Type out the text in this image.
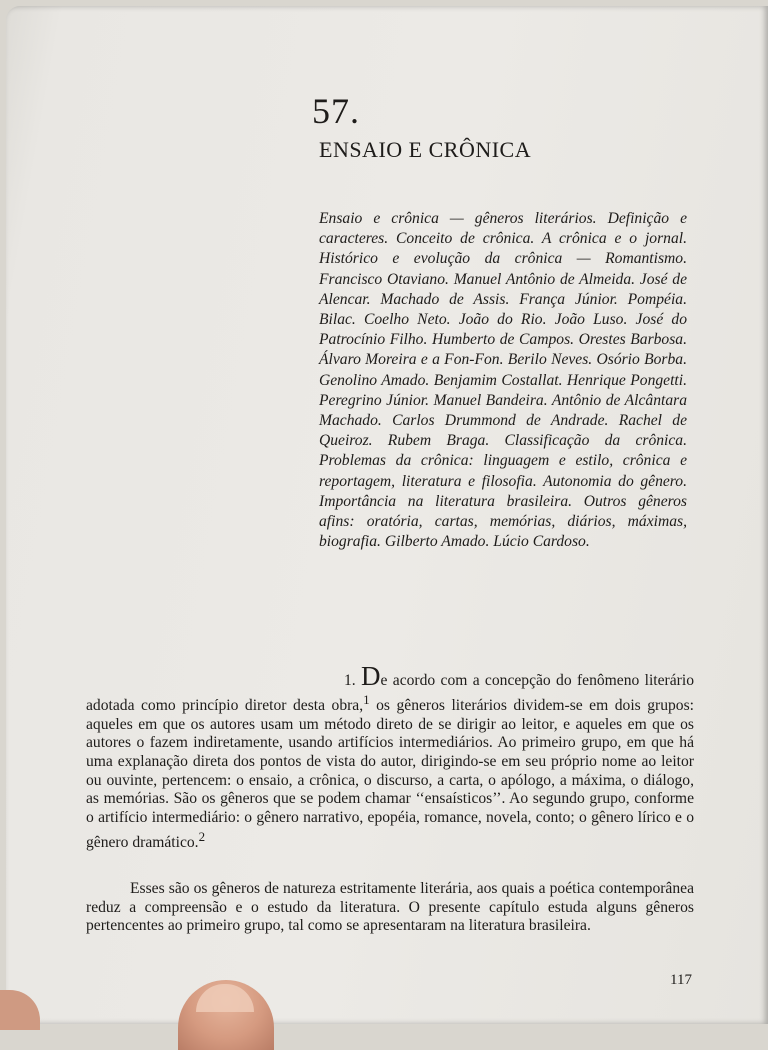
57.
ENSAIO E CRÔNICA

Ensaio e crônica — gêneros literários. Definição e caracteres. Conceito de crônica. A crônica e o jornal. Histórico e evolução da crônica — Romantismo. Francisco Otaviano. Manuel Antônio de Almeida. José de Alencar. Machado de Assis. França Júnior. Pompéia. Bilac. Coelho Neto. João do Rio. João Luso. José do Patrocínio Filho. Humberto de Campos. Orestes Barbosa. Álvaro Moreira e a Fon-Fon. Berilo Neves. Osório Borba. Genolino Amado. Benjamim Costallat. Henrique Pongetti. Peregrino Júnior. Manuel Bandeira. Antônio de Alcântara Machado. Carlos Drummond de Andrade. Rachel de Queiroz. Rubem Braga. Classificação da crônica. Problemas da crônica: linguagem e estilo, crônica e reportagem, literatura e filosofia. Autonomia do gênero. Importância na literatura brasileira. Outros gêneros afins: oratória, cartas, memórias, diários, máximas, biografia. Gilberto Amado. Lúcio Cardoso.

1. De acordo com a concepção do fenômeno literário adotada como princípio diretor desta obra,$^1$ os gêneros literários dividem-se em dois grupos: aqueles em que os autores usam um método direto de se dirigir ao leitor, e aqueles em que os autores o fazem indiretamente, usando artifícios intermediários. Ao primeiro grupo, em que há uma explanação direta dos pontos de vista do autor, dirigindo-se em seu próprio nome ao leitor ou ouvinte, pertencem: o ensaio, a crônica, o discurso, a carta, o apólogo, a máxima, o diálogo, as memórias. São os gêneros que se podem chamar ‘‘ensaísticos’’. Ao segundo grupo, conforme o artifício intermediário: o gênero narrativo, epopéia, romance, novela, conto; o gênero lírico e o gênero dramático.$^2$

Esses são os gêneros de natureza estritamente literária, aos quais a poética contemporânea reduz a compreensão e o estudo da literatura. O presente capítulo estuda alguns gêneros pertencentes ao primeiro grupo, tal como se apresentaram na literatura brasileira.

117
